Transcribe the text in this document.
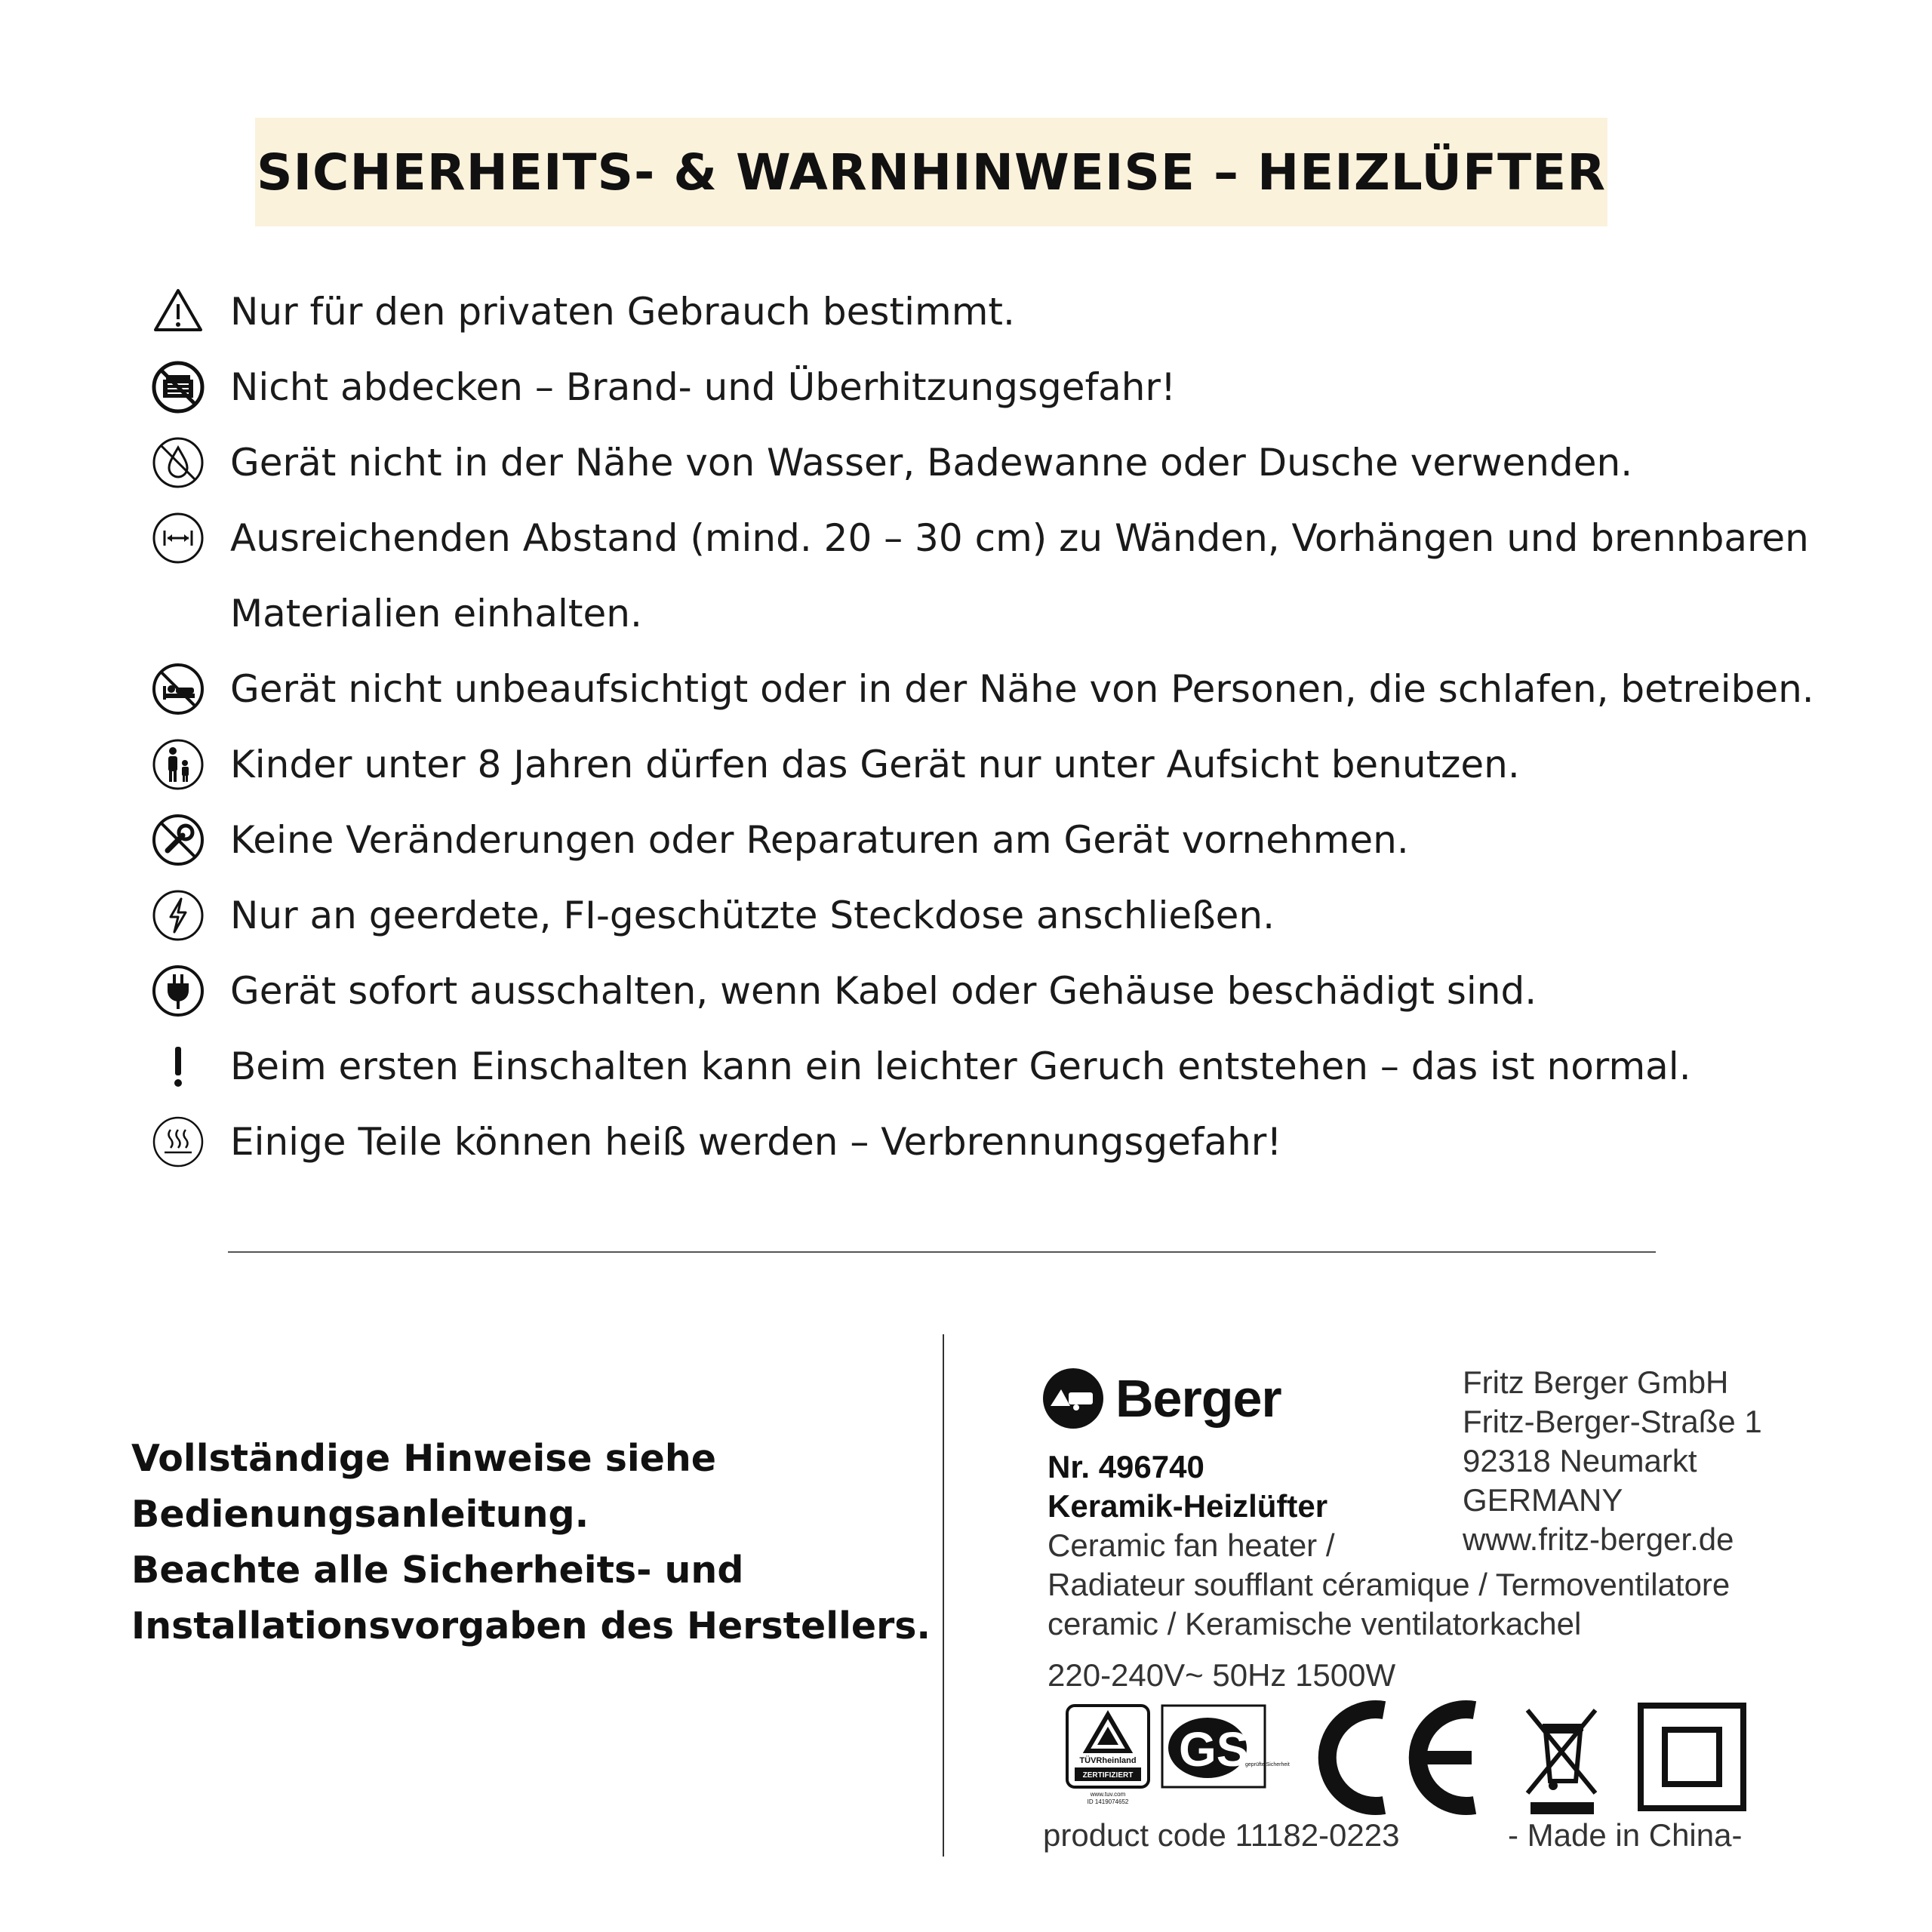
SICHERHEITS- & WARNHINWEISE – HEIZLÜFTER
Nur für den privaten Gebrauch bestimmt.
Nicht abdecken – Brand- und Überhitzungsgefahr!
Gerät nicht in der Nähe von Wasser, Badewanne oder Dusche verwenden.
Ausreichenden Abstand (mind. 20 – 30 cm) zu Wänden, Vorhängen und brennbaren
Materialien einhalten.
Gerät nicht unbeaufsichtigt oder in der Nähe von Personen, die schlafen, betreiben.
Kinder unter 8 Jahren dürfen das Gerät nur unter Aufsicht benutzen.
Keine Veränderungen oder Reparaturen am Gerät vornehmen.
Nur an geerdete, FI-geschützte Steckdose anschließen.
Gerät sofort ausschalten, wenn Kabel oder Gehäuse beschädigt sind.
Beim ersten Einschalten kann ein leichter Geruch entstehen – das ist normal.
Einige Teile können heiß werden – Verbrennungsgefahr!
Vollständige Hinweise siehe
Bedienungsanleitung.
Beachte alle Sicherheits- und
Installationsvorgaben des Herstellers.
Berger	Fritz Berger GmbH
Fritz-Berger-Straße 1
92318 Neumarkt
GERMANY
www.fritz-berger.de
Nr. 496740
Keramik-Heizlüfter
Ceramic fan heater /
Radiateur soufflant céramique / Termoventilatore
ceramic / Keramische ventilatorkachel
220-240V~ 50Hz 1500W
TÜVRheinland
ZERTIFIZIERT
www.tuv.com
ID 1419074652
GS
geprüfte Sicherheit
product code 11182-0223	- Made in China-
